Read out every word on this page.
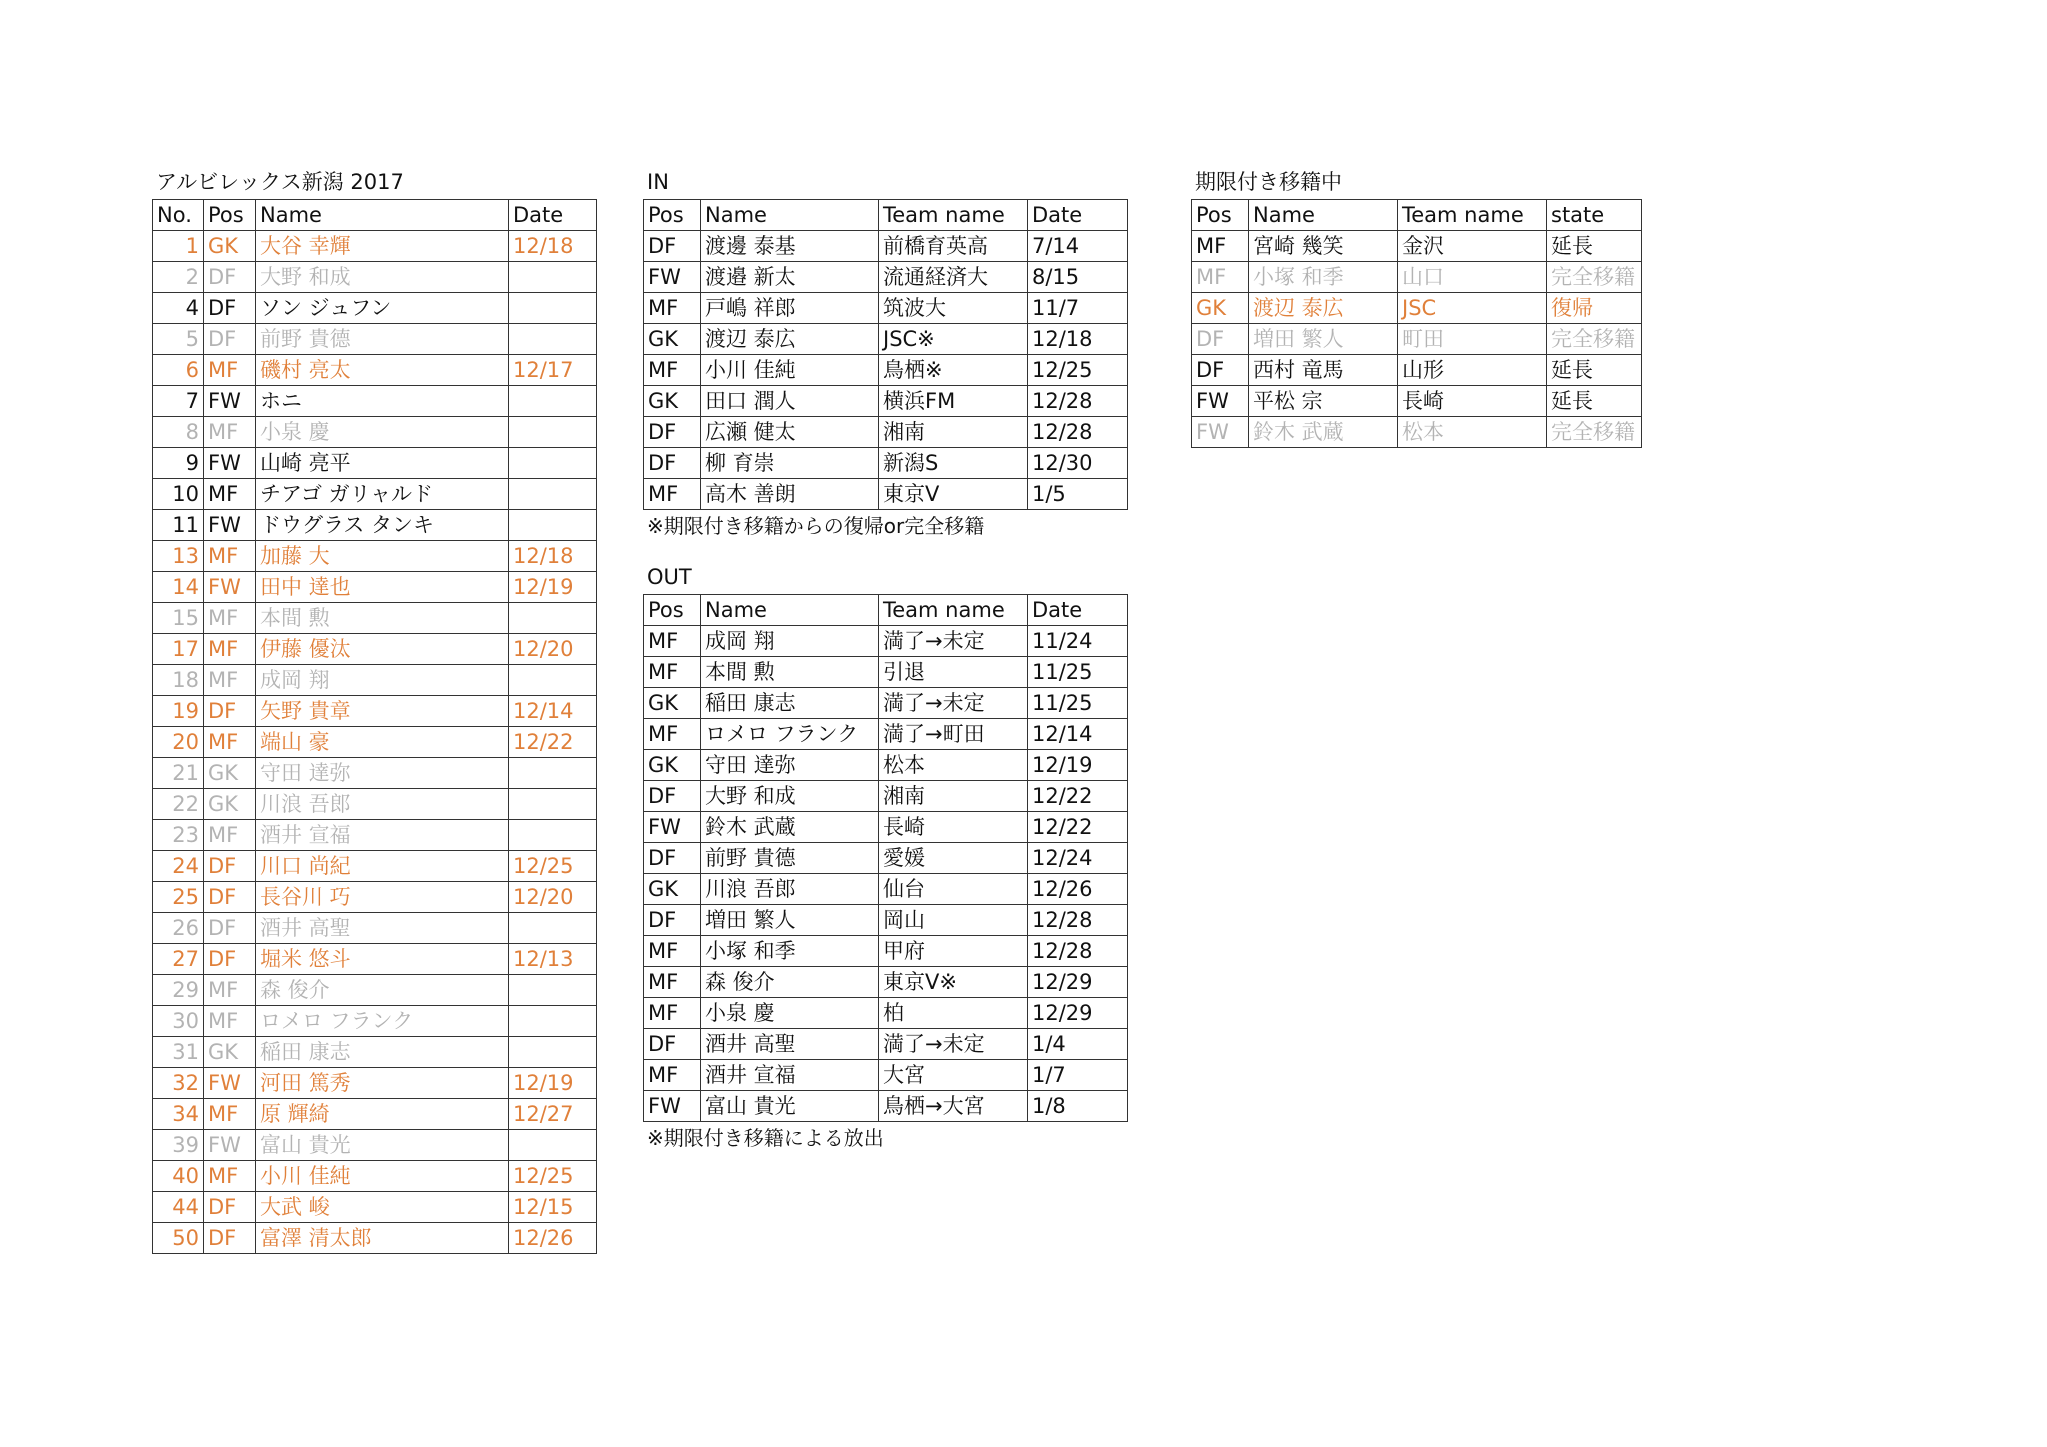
アルビレックス新潟 2017
No.	Pos	Name	Date
1	GK	大谷 幸輝	12/18
2	DF	大野 和成	
4	DF	ソン ジュフン	
5	DF	前野 貴德	
6	MF	磯村 亮太	12/17
7	FW	ホニ	
8	MF	小泉 慶	
9	FW	山崎 亮平	
10	MF	チアゴ ガリャルド	
11	FW	ドウグラス タンキ	
13	MF	加藤 大	12/18
14	FW	田中 達也	12/19
15	MF	本間 勲	
17	MF	伊藤 優汰	12/20
18	MF	成岡 翔	
19	DF	矢野 貴章	12/14
20	MF	端山 豪	12/22
21	GK	守田 達弥	
22	GK	川浪 吾郎	
23	MF	酒井 宣福	
24	DF	川口 尚紀	12/25
25	DF	長谷川 巧	12/20
26	DF	酒井 高聖	
27	DF	堀米 悠斗	12/13
29	MF	森 俊介	
30	MF	ロメロ フランク	
31	GK	稲田 康志	
32	FW	河田 篤秀	12/19
34	MF	原 輝綺	12/27
39	FW	富山 貴光	
40	MF	小川 佳純	12/25
44	DF	大武 峻	12/15
50	DF	富澤 清太郎	12/26
IN
Pos	Name	Team name	Date
DF	渡邊 泰基	前橋育英高	7/14
FW	渡邉 新太	流通経済大	8/15
MF	戸嶋 祥郎	筑波大	11/7
GK	渡辺 泰広	JSC※	12/18
MF	小川 佳純	鳥栖※	12/25
GK	田口 潤人	横浜FM	12/28
DF	広瀬 健太	湘南	12/28
DF	柳 育崇	新潟S	12/30
MF	高木 善朗	東京V	1/5
※期限付き移籍からの復帰or完全移籍
OUT
Pos	Name	Team name	Date
MF	成岡 翔	満了→未定	11/24
MF	本間 勲	引退	11/25
GK	稲田 康志	満了→未定	11/25
MF	ロメロ フランク	満了→町田	12/14
GK	守田 達弥	松本	12/19
DF	大野 和成	湘南	12/22
FW	鈴木 武蔵	長崎	12/22
DF	前野 貴德	愛媛	12/24
GK	川浪 吾郎	仙台	12/26
DF	増田 繁人	岡山	12/28
MF	小塚 和季	甲府	12/28
MF	森 俊介	東京V※	12/29
MF	小泉 慶	柏	12/29
DF	酒井 高聖	満了→未定	1/4
MF	酒井 宣福	大宮	1/7
FW	富山 貴光	鳥栖→大宮	1/8
※期限付き移籍による放出
期限付き移籍中
Pos	Name	Team name	state
MF	宮崎 幾笑	金沢	延長
MF	小塚 和季	山口	完全移籍
GK	渡辺 泰広	JSC	復帰
DF	増田 繁人	町田	完全移籍
DF	西村 竜馬	山形	延長
FW	平松 宗	長崎	延長
FW	鈴木 武蔵	松本	完全移籍
